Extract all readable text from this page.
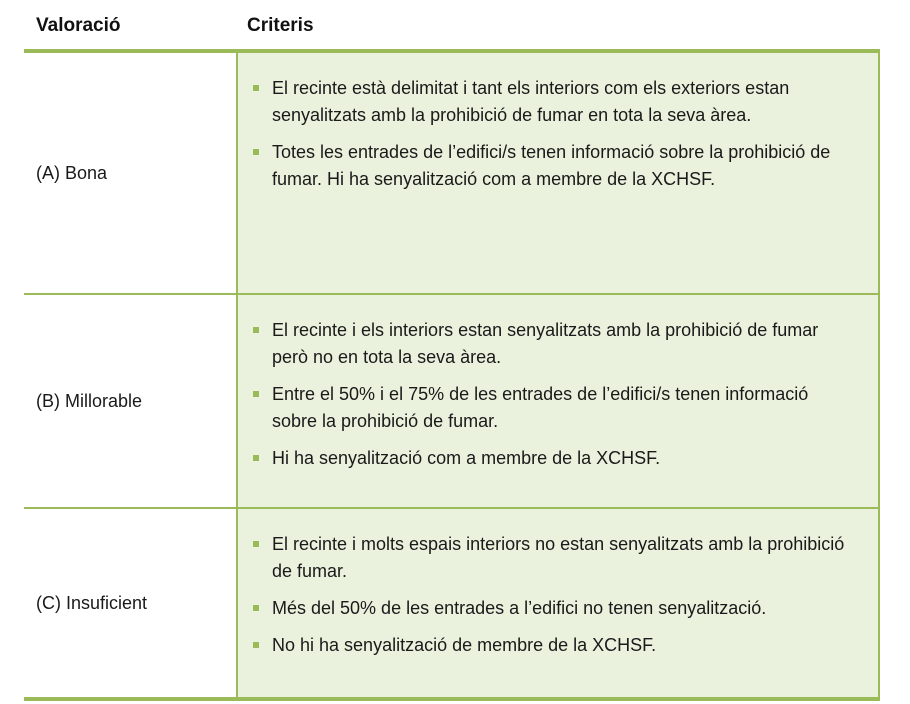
Valoració	Criteris
(A) Bona
El recinte està delimitat i tant els interiors com els exteriors estan senyalitzats amb la prohibició de fumar en tota la seva àrea.
Totes les entrades de l’edifici/s tenen informació sobre la prohibició de fumar. Hi ha senyalització com a membre de la XCHSF.
(B) Millorable
El recinte i els interiors estan senyalitzats amb la prohibició de fumar però no en tota la seva àrea.
Entre el 50% i el 75% de les entrades de l’edifici/s tenen informació sobre la prohibició de fumar.
Hi ha senyalització com a membre de la XCHSF.
(C) Insuficient
El recinte i molts espais interiors no estan senyalitzats amb la prohibició de fumar.
Més del 50% de les entrades a l’edifici no tenen senyalització.
No hi ha senyalització de membre de la XCHSF.
